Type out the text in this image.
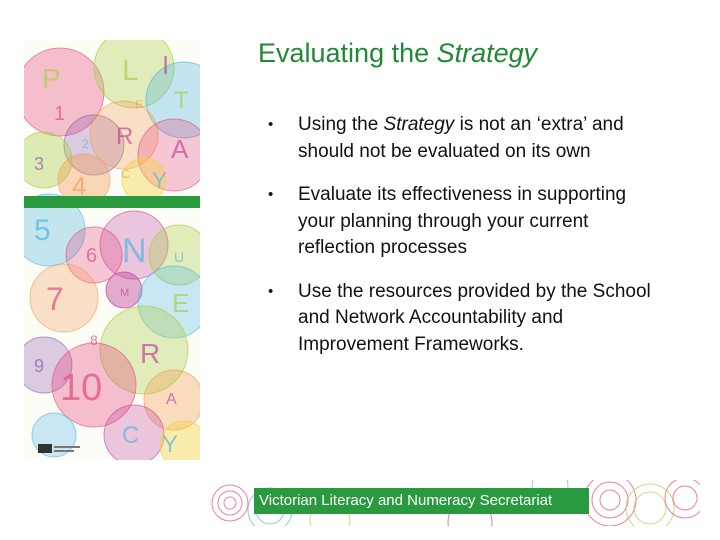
P L I
T
E
R A
C Y
N U
M E
R
A
C Y
1
2
3
4
5
6
7
8
9
10
Evaluating the Strategy
• Using the Strategy is not an ‘extra’ and should not be evaluated on its own
• Evaluate its effectiveness in supporting your planning through your current reflection processes
• Use the resources provided by the School and Network Accountability and Improvement Frameworks.
Victorian Literacy and Numeracy Secretariat
